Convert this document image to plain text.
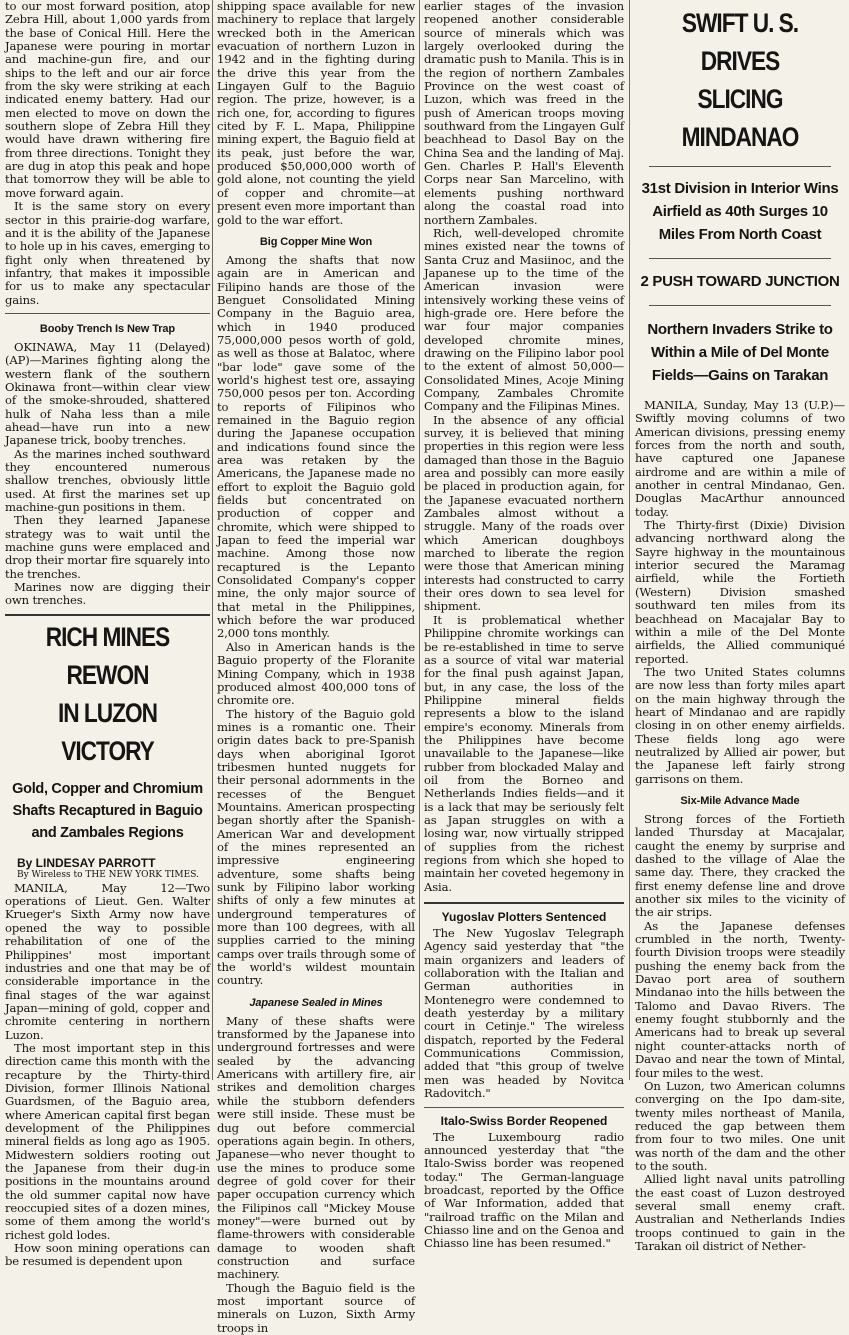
to our most forward position, atop Zebra Hill, about 1,000 yards from the base of Conical Hill. Here the Japanese were pouring in mortar and machine-gun fire, and our ships to the left and our air force from the sky were striking at each indicated enemy battery. Had our men elected to move on down the southern slope of Zebra Hill they would have drawn withering fire from three directions. Tonight they are dug in atop this peak and hope that tomorrow they will be able to move forward again.

It is the same story on every sector in this prairie-dog warfare, and it is the ability of the Japanese to hole up in his caves, emerging to fight only when threatened by infantry, that makes it impossible for us to make any spectacular gains.

Booby Trench Is New Trap

OKINAWA, May 11 (Delayed) (AP)—Marines fighting along the western flank of the southern Okinawa front—within clear view of the smoke-shrouded, shattered hulk of Naha less than a mile ahead—have run into a new Japanese trick, booby trenches.

As the marines inched southward they encountered numerous shallow trenches, obviously little used. At first the marines set up machine-gun positions in them.

Then they learned Japanese strategy was to wait until the machine guns were emplaced and drop their mortar fire squarely into the trenches.

Marines now are digging their own trenches.

RICH MINES REWON
IN LUZON VICTORY
Gold, Copper and Chromium Shafts Recaptured in Baguio and Zambales Regions
By LINDESAY PARROTT
By Wireless to THE NEW YORK TIMES.

MANILA, May 12—Two operations of Lieut. Gen. Walter Krueger's Sixth Army now have opened the way to possible rehabilitation of one of the Philippines' most important industries and one that may be of considerable importance in the final stages of the war against Japan—mining of gold, copper and chromite centering in northern Luzon.

The most important step in this direction came this month with the recapture by the Thirty-third Division, former Illinois National Guardsmen, of the Baguio area, where American capital first began development of the Philippines mineral fields as long ago as 1905. Midwestern soldiers rooting out the Japanese from their dug-in positions in the mountains around the old summer capital now have reoccupied sites of a dozen mines, some of them among the world's richest gold lodes.

How soon mining operations can be resumed is dependent upon

shipping space available for new machinery to replace that largely wrecked both in the American evacuation of northern Luzon in 1942 and in the fighting during the drive this year from the Lingayen Gulf to the Baguio region. The prize, however, is a rich one, for, according to figures cited by F. L. Mapa, Philippine mining expert, the Baguio field at its peak, just before the war, produced $50,000,000 worth of gold alone, not counting the yield of copper and chromite—at present even more important than gold to the war effort.

Big Copper Mine Won

Among the shafts that now again are in American and Filipino hands are those of the Benguet Consolidated Mining Company in the Baguio area, which in 1940 produced 75,000,000 pesos worth of gold, as well as those at Balatoc, where "bar lode" gave some of the world's highest test ore, assaying 750,000 pesos per ton. According to reports of Filipinos who remained in the Baguio region during the Japanese occupation and indications found since the area was retaken by the Americans, the Japanese made no effort to exploit the Baguio gold fields but concentrated on production of copper and chromite, which were shipped to Japan to feed the imperial war machine. Among those now recaptured is the Lepanto Consolidated Company's copper mine, the only major source of that metal in the Philippines, which before the war produced 2,000 tons monthly.

Also in American hands is the Baguio property of the Floranite Mining Company, which in 1938 produced almost 400,000 tons of chromite ore.

The history of the Baguio gold mines is a romantic one. Their origin dates back to pre-Spanish days when aboriginal Igorot tribesmen hunted nuggets for their personal adornments in the recesses of the Benguet Mountains. American prospecting began shortly after the Spanish-American War and development of the mines represented an impressive engineering adventure, some shafts being sunk by Filipino labor working shifts of only a few minutes at underground temperatures of more than 100 degrees, with all supplies carried to the mining camps over trails through some of the world's wildest mountain country.

Japanese Sealed in Mines

Many of these shafts were transformed by the Japanese into underground fortresses and were sealed by the advancing Americans with artillery fire, air strikes and demolition charges while the stubborn defenders were still inside. These must be dug out before commercial operations again begin. In others, Japanese—who never thought to use the mines to produce some degree of gold cover for their paper occupation currency which the Filipinos call "Mickey Mouse money"—were burned out by flame-throwers with considerable damage to wooden shaft construction and surface machinery.

Though the Baguio field is the most important source of minerals on Luzon, Sixth Army troops in

earlier stages of the invasion reopened another considerable source of minerals which was largely overlooked during the dramatic push to Manila. This is in the region of northern Zambales Province on the west coast of Luzon, which was freed in the push of American troops moving southward from the Lingayen Gulf beachhead to Dasol Bay on the China Sea and the landing of Maj. Gen. Charles P. Hall's Eleventh Corps near San Marcelino, with elements pushing northward along the coastal road into northern Zambales.

Rich, well-developed chromite mines existed near the towns of Santa Cruz and Masiinoc, and the Japanese up to the time of the American invasion were intensively working these veins of high-grade ore. Here before the war four major companies developed chromite mines, drawing on the Filipino labor pool to the extent of almost 50,000—Consolidated Mines, Acoje Mining Company, Zambales Chromite Company and the Filipinas Mines.

In the absence of any official survey, it is believed that mining properties in this region were less damaged than those in the Baguio area and possibly can more easily be placed in production again, for the Japanese evacuated northern Zambales almost without a struggle. Many of the roads over which American doughboys marched to liberate the region were those that American mining interests had constructed to carry their ores down to sea level for shipment.

It is problematical whether Philippine chromite workings can be re-established in time to serve as a source of vital war material for the final push against Japan, but, in any case, the loss of the Philippine mineral fields represents a blow to the island empire's economy. Minerals from the Philippines have become unavailable to the Japanese—like rubber from blockaded Malay and oil from the Borneo and Netherlands Indies fields—and it is a lack that may be seriously felt as Japan struggles on with a losing war, now virtually stripped of supplies from the richest regions from which she hoped to maintain her coveted hegemony in Asia.

Yugoslav Plotters Sentenced

The New Yugoslav Telegraph Agency said yesterday that "the main organizers and leaders of collaboration with the Italian and German authorities in Montenegro were condemned to death yesterday by a military court in Cetinje." The wireless dispatch, reported by the Federal Communications Commission, added that "this group of twelve men was headed by Novitca Radovitch."

Italo-Swiss Border Reopened

The Luxembourg radio announced yesterday that "the Italo-Swiss border was reopened today." The German-language broadcast, reported by the Office of War Information, added that "railroad traffic on the Milan and Chiasso line and on the Genoa and Chiasso line has been resumed."

SWIFT U. S. DRIVES
SLICING MINDANAO
31st Division in Interior Wins Airfield as 40th Surges 10 Miles From North Coast
2 PUSH TOWARD JUNCTION
Northern Invaders Strike to Within a Mile of Del Monte Fields—Gains on Tarakan

MANILA, Sunday, May 13 (U.P.)—Swiftly moving columns of two American divisions, pressing enemy forces from the north and south, have captured one Japanese airdrome and are within a mile of another in central Mindanao, Gen. Douglas MacArthur announced today.

The Thirty-first (Dixie) Division advancing northward along the Sayre highway in the mountainous interior secured the Maramag airfield, while the Fortieth (Western) Division smashed southward ten miles from its beachhead on Macajalar Bay to within a mile of the Del Monte airfields, the Allied communiqué reported.

The two United States columns are now less than forty miles apart on the main highway through the heart of Mindanao and are rapidly closing in on other enemy airfields. These fields long ago were neutralized by Allied air power, but the Japanese left fairly strong garrisons on them.

Six-Mile Advance Made

Strong forces of the Fortieth landed Thursday at Macajalar, caught the enemy by surprise and dashed to the village of Alae the same day. There, they cracked the first enemy defense line and drove another six miles to the vicinity of the air strips.

As the Japanese defenses crumbled in the north, Twenty-fourth Division troops were steadily pushing the enemy back from the Davao port area of southern Mindanao into the hills between the Talomo and Davao Rivers. The enemy fought stubbornly and the Americans had to break up several night counter-attacks north of Davao and near the town of Mintal, four miles to the west.

On Luzon, two American columns converging on the Ipo dam-site, twenty miles northeast of Manila, reduced the gap between them from four to two miles. One unit was north of the dam and the other to the south.

Allied light naval units patrolling the east coast of Luzon destroyed several small enemy craft. Australian and Netherlands Indies troops continued to gain in the Tarakan oil district of Nether-
